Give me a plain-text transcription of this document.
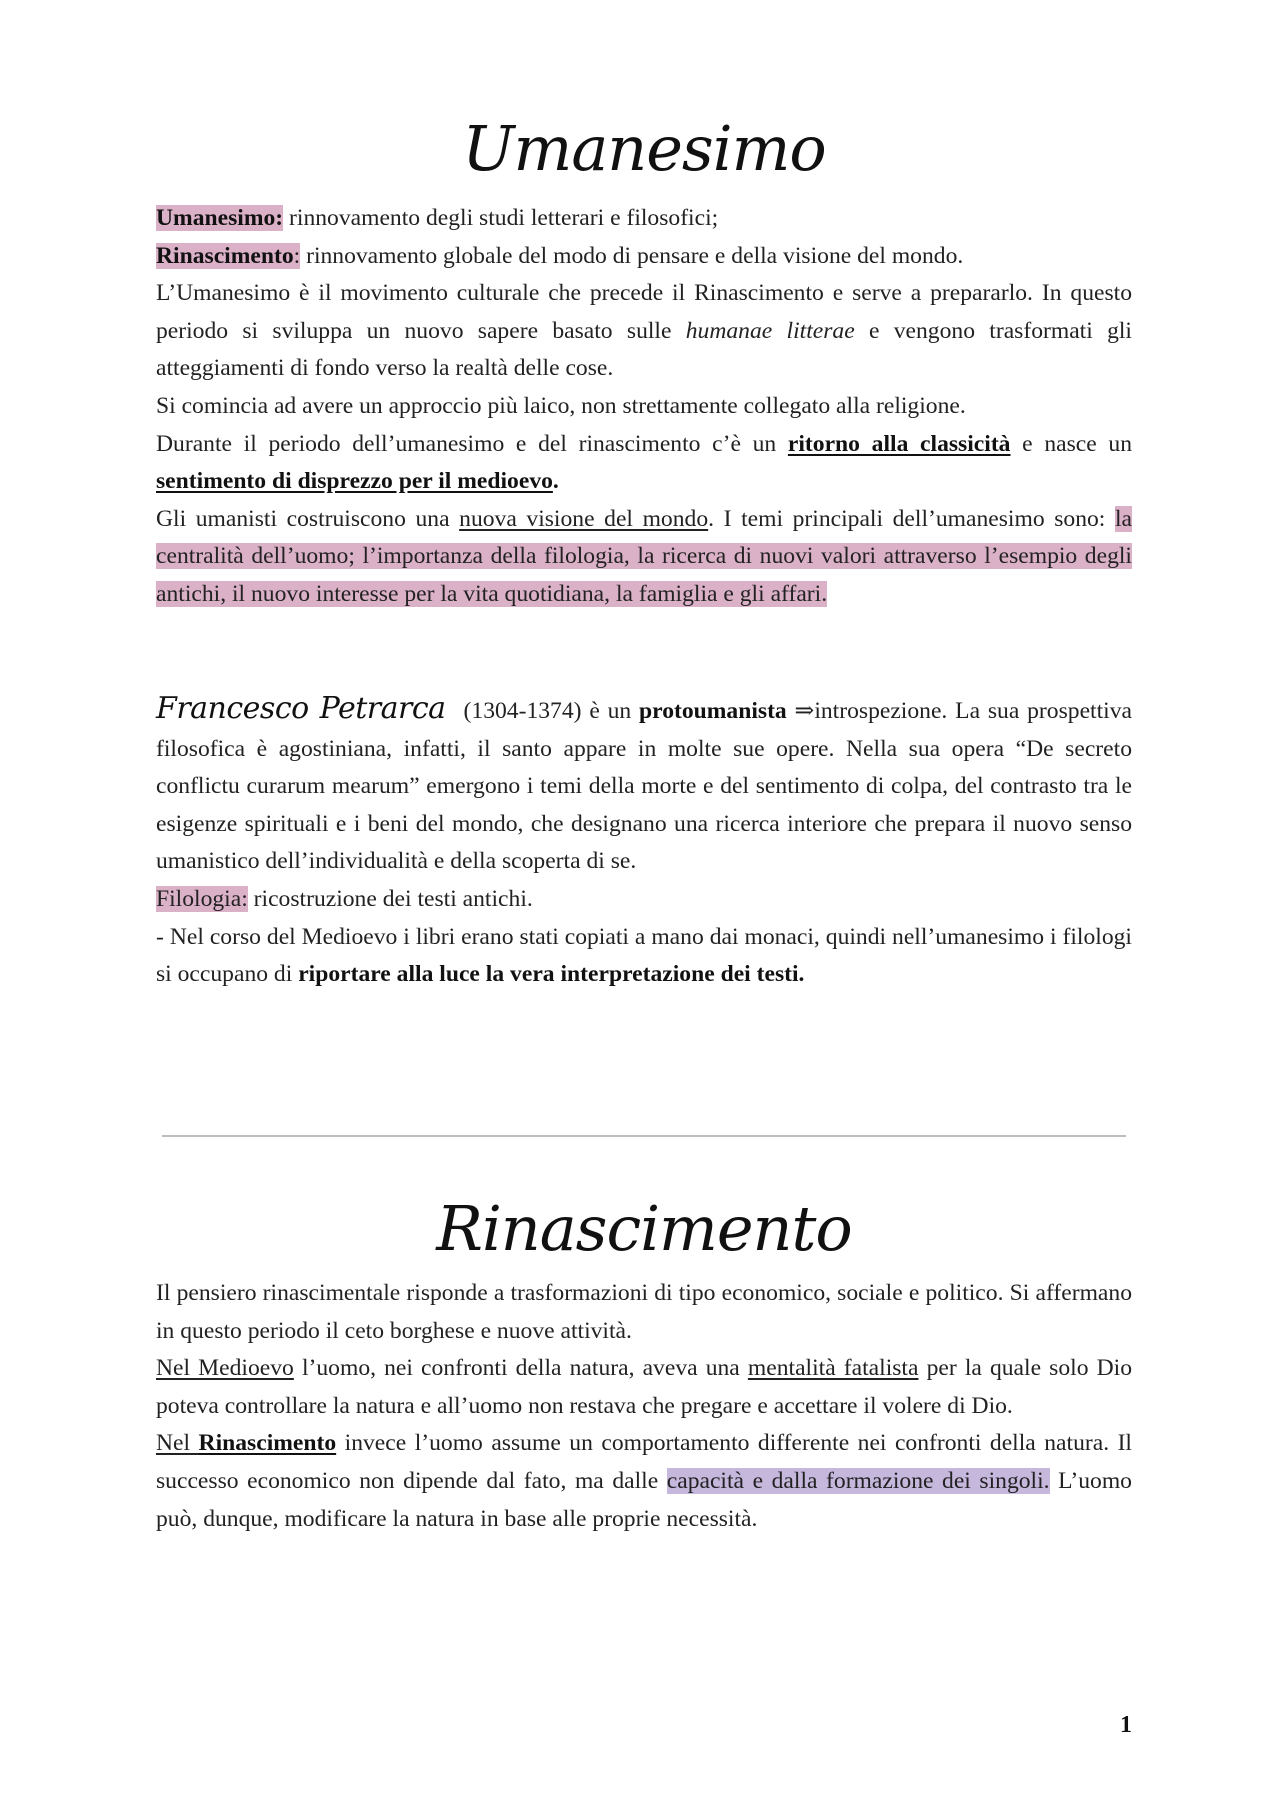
Umanesimo

Umanesimo: rinnovamento degli studi letterari e filosofici;

Rinascimento: rinnovamento globale del modo di pensare e della visione del mondo.

L’Umanesimo è il movimento culturale che precede il Rinascimento e serve a prepararlo. In questo periodo si sviluppa un nuovo sapere basato sulle humanae litterae e vengono trasformati gli atteggiamenti di fondo verso la realtà delle cose.

Si comincia ad avere un approccio più laico, non strettamente collegato alla religione.

Durante il periodo dell’umanesimo e del rinascimento c’è un ritorno alla classicità e nasce un sentimento di disprezzo per il medioevo.

Gli umanisti costruiscono una nuova visione del mondo. I temi principali dell’umanesimo sono: la centralità dell’uomo; l’importanza della filologia, la ricerca di nuovi valori attraverso l’esempio degli antichi, il nuovo interesse per la vita quotidiana, la famiglia e gli affari.

Francesco Petrarca (1304-1374) è un protoumanista ⇒introspezione. La sua prospettiva filosofica è agostiniana, infatti, il santo appare in molte sue opere. Nella sua opera “De secreto conflictu curarum mearum” emergono i temi della morte e del sentimento di colpa, del contrasto tra le esigenze spirituali e i beni del mondo, che designano una ricerca interiore che prepara il nuovo senso umanistico dell’individualità e della scoperta di se.

Filologia: ricostruzione dei testi antichi.

- Nel corso del Medioevo i libri erano stati copiati a mano dai monaci, quindi nell’umanesimo i filologi si occupano di riportare alla luce la vera interpretazione dei testi.

Rinascimento

Il pensiero rinascimentale risponde a trasformazioni di tipo economico, sociale e politico. Si affermano in questo periodo il ceto borghese e nuove attività.

Nel Medioevo l’uomo, nei confronti della natura, aveva una mentalità fatalista per la quale solo Dio poteva controllare la natura e all’uomo non restava che pregare e accettare il volere di Dio.

Nel Rinascimento invece l’uomo assume un comportamento differente nei confronti della natura. Il successo economico non dipende dal fato, ma dalle capacità e dalla formazione dei singoli. L’uomo può, dunque, modificare la natura in base alle proprie necessità.

1
